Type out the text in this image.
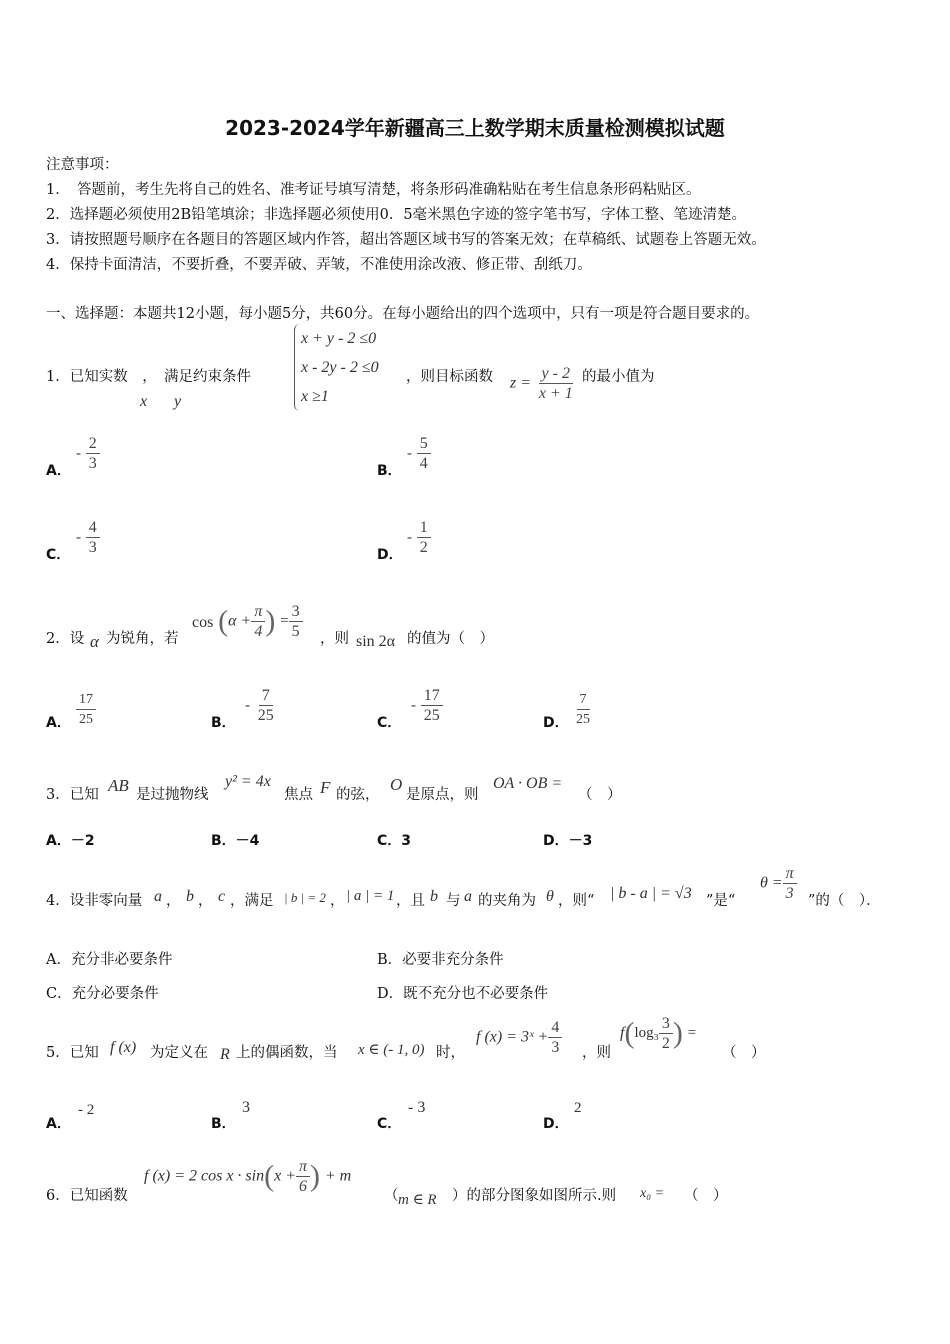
2023-2024学年新疆高三上数学期末质量检测模拟试题
注意事项：
1．　答题前，考生先将自己的姓名、准考证号填写清楚，将条形码准确粘贴在考生信息条形码粘贴区。
2．选择题必须使用2B铅笔填涂；非选择题必须使用0．5毫米黑色字迹的签字笔书写，字体工整、笔迹清楚。
3．请按照题号顺序在各题目的答题区域内作答，超出答题区域书写的答案无效；在草稿纸、试题卷上答题无效。
4．保持卡面清洁，不要折叠，不要弄破、弄皱，不准使用涂改液、修正带、刮纸刀。
一、选择题：本题共12小题，每小题5分，共60分。在每小题给出的四个选项中，只有一项是符合题目要求的。
1．已知实数　，　满足约束条件
x y
x + y - 2 ≤0
x - 2y - 2 ≤0
x ≥1
，则目标函数 $z = \frac{y - 2}{x + 1}$ 的最小值为
A．
- $\frac{2}{3}$	B．
- $\frac{5}{4}$
C．
- $\frac{4}{3}$	D．
- $\frac{1}{2}$
2．设 α 为锐角，若
$\cos (\alpha + \frac{\pi}{4}$ ) = $\frac{3}{5}$ ，则 sin 2α 的值为（　）
A． $\frac{17}{25}$	B．
- $\frac{7}{25}$	C．
- $\frac{17}{25}$	D． $\frac{7}{25}$
3．已知 AB 是过抛物线
y² = 4x
焦点 F 的弦，
O
是原点，则
OA · OB =
（　）
A．－2	B．－4	C．3	D．－3
4．设非零向量 a ， b ， c ，满足 | b | = 2 ， | a | = 1 ，且 b 与 a 的夹角为 θ ，则“ | b - a | = √3 ”是“
$\theta = \frac{\pi}{3}$ ”的（　）．
A．充分非必要条件	B．必要非充分条件
C．充分必要条件	D．既不充分也不必要条件
5．已知 f (x) 为定义在 R 上的偶函数，当 x ∈ (- 1, 0) 时，
f (x) = 3ˣ + $\frac{4}{3}$ ，则
$f(\log_3 \frac{3}{2}$ ) =
（　）
A．
- 2
B．
3
C．
- 3
D．
2
6．已知函数
f (x) = 2 $\cos x \cdot \sin(x + \frac{\pi}{6}$ ) + m
（ m ∈ R ）的部分图象如图所示.则 x₀ = （　）
